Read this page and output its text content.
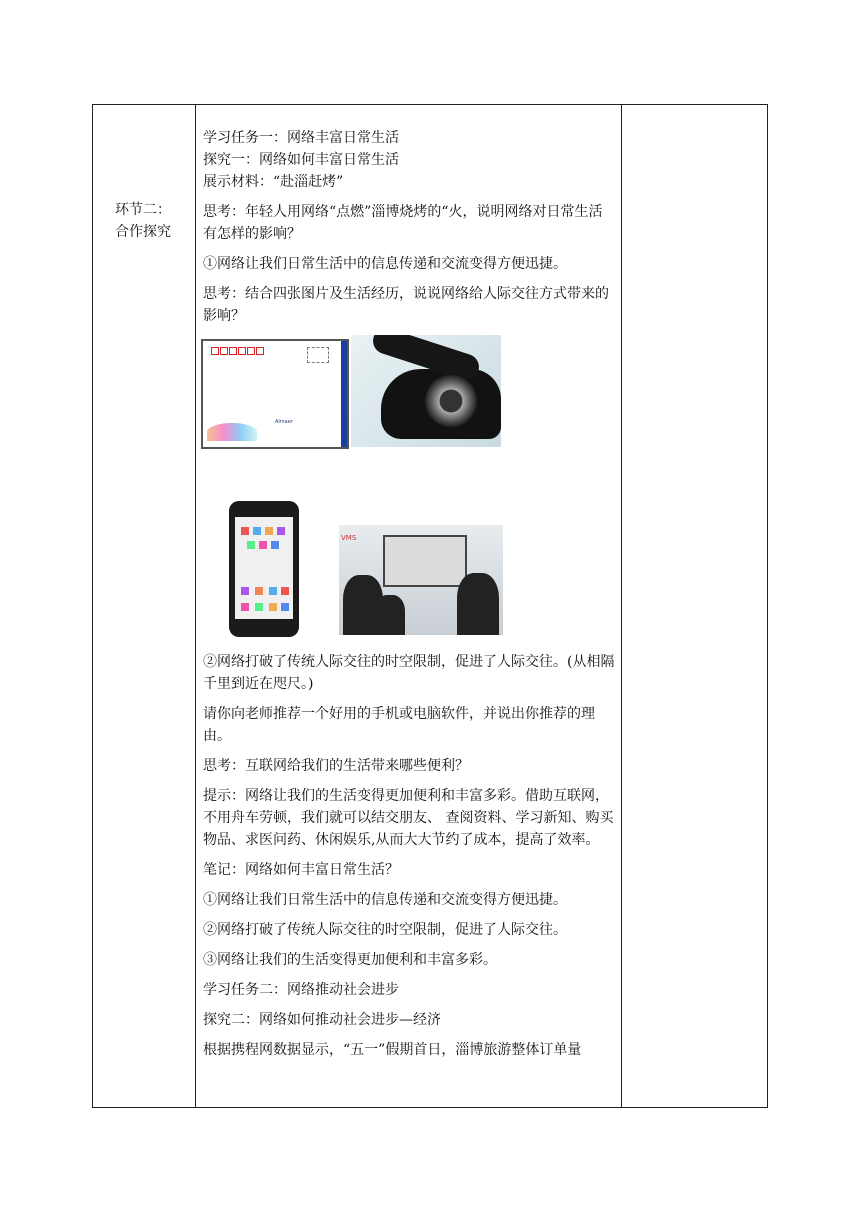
环节二：
合作探究

学习任务一：网络丰富日常生活

探究一：网络如何丰富日常生活

展示材料：“赴淄赶烤”

思考：年轻人用网络“点燃”淄博烧烤的“火，说明网络对日常生活有怎样的影响？

①网络让我们日常生活中的信息传递和交流变得方便迅捷。

思考：结合四张图片及生活经历，说说网络给人际交往方式带来的影响？

Almaer
VMS

②网络打破了传统人际交往的时空限制，促进了人际交往。(从相隔千里到近在咫尺。)

请你向老师推荐一个好用的手机或电脑软件，并说出你推荐的理由。

思考：互联网给我们的生活带来哪些便利？

提示：网络让我们的生活变得更加便利和丰富多彩。借助互联网，不用舟车劳顿，我们就可以结交朋友、 查阅资料、学习新知、购买物品、求医问药、休闲娱乐,从而大大节约了成本，提高了效率。

笔记：网络如何丰富日常生活？

①网络让我们日常生活中的信息传递和交流变得方便迅捷。

②网络打破了传统人际交往的时空限制，促进了人际交往。

③网络让我们的生活变得更加便利和丰富多彩。

学习任务二：网络推动社会进步

探究二：网络如何推动社会进步—经济

根据携程网数据显示，“五一”假期首日，淄博旅游整体订单量
